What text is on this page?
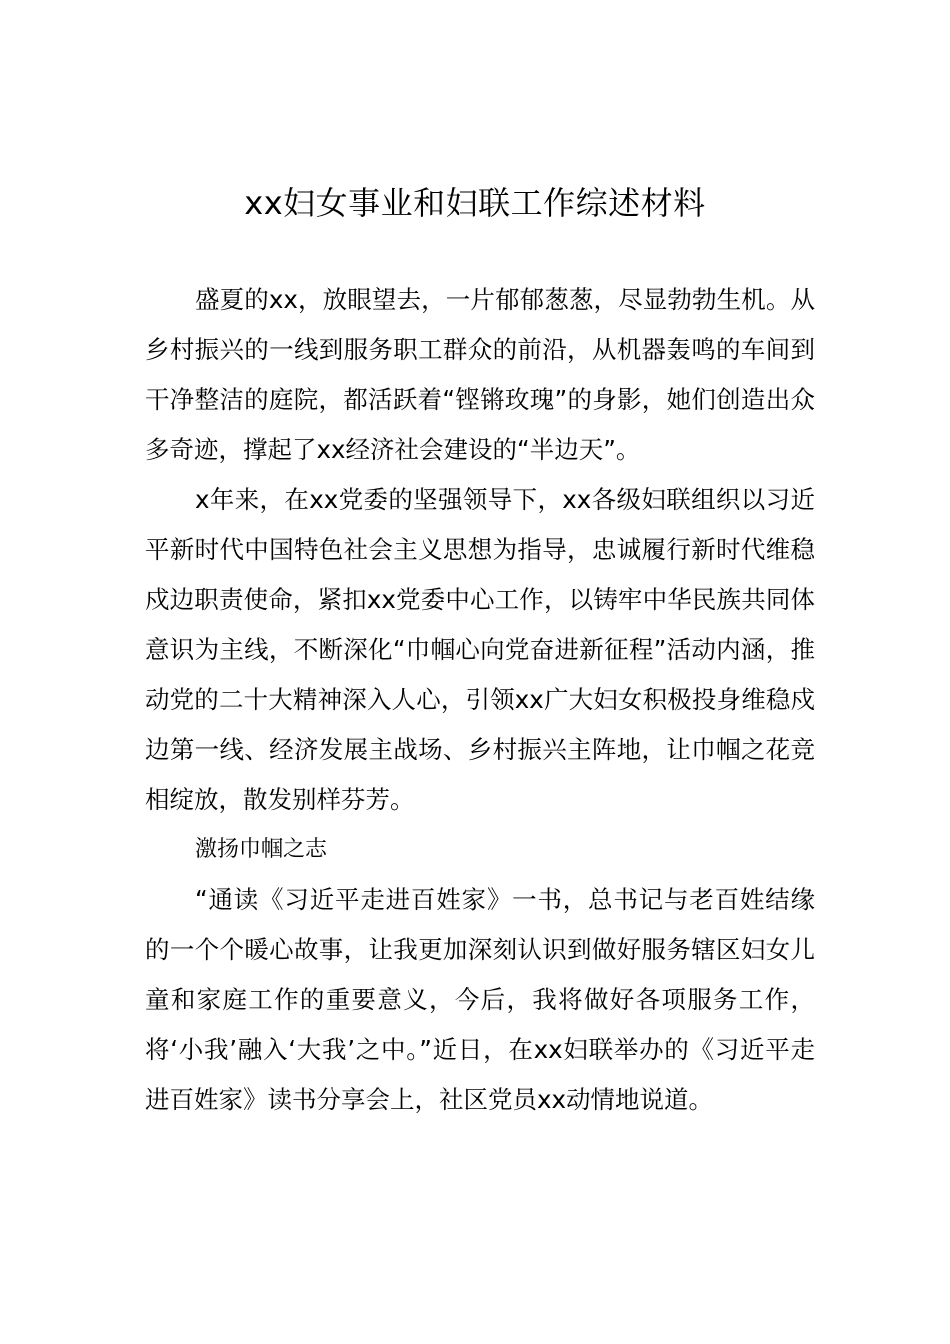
xx妇女事业和妇联工作综述材料

盛夏的xx，放眼望去，一片郁郁葱葱，尽显勃勃生机。从乡村振兴的一线到服务职工群众的前沿，从机器轰鸣的车间到干净整洁的庭院，都活跃着“铿锵玫瑰”的身影，她们创造出众多奇迹，撑起了xx经济社会建设的“半边天”。

x年来，在xx党委的坚强领导下，xx各级妇联组织以习近平新时代中国特色社会主义思想为指导，忠诚履行新时代维稳戍边职责使命，紧扣xx党委中心工作，以铸牢中华民族共同体意识为主线，不断深化“巾帼心向党奋进新征程”活动内涵，推动党的二十大精神深入人心，引领xx广大妇女积极投身维稳戍边第一线、经济发展主战场、乡村振兴主阵地，让巾帼之花竞相绽放，散发别样芬芳。

激扬巾帼之志

“通读《习近平走进百姓家》一书，总书记与老百姓结缘的一个个暖心故事，让我更加深刻认识到做好服务辖区妇女儿童和家庭工作的重要意义，今后，我将做好各项服务工作，将‘小我’融入‘大我’之中。”近日，在xx妇联举办的《习近平走进百姓家》读书分享会上，社区党员xx动情地说道。
